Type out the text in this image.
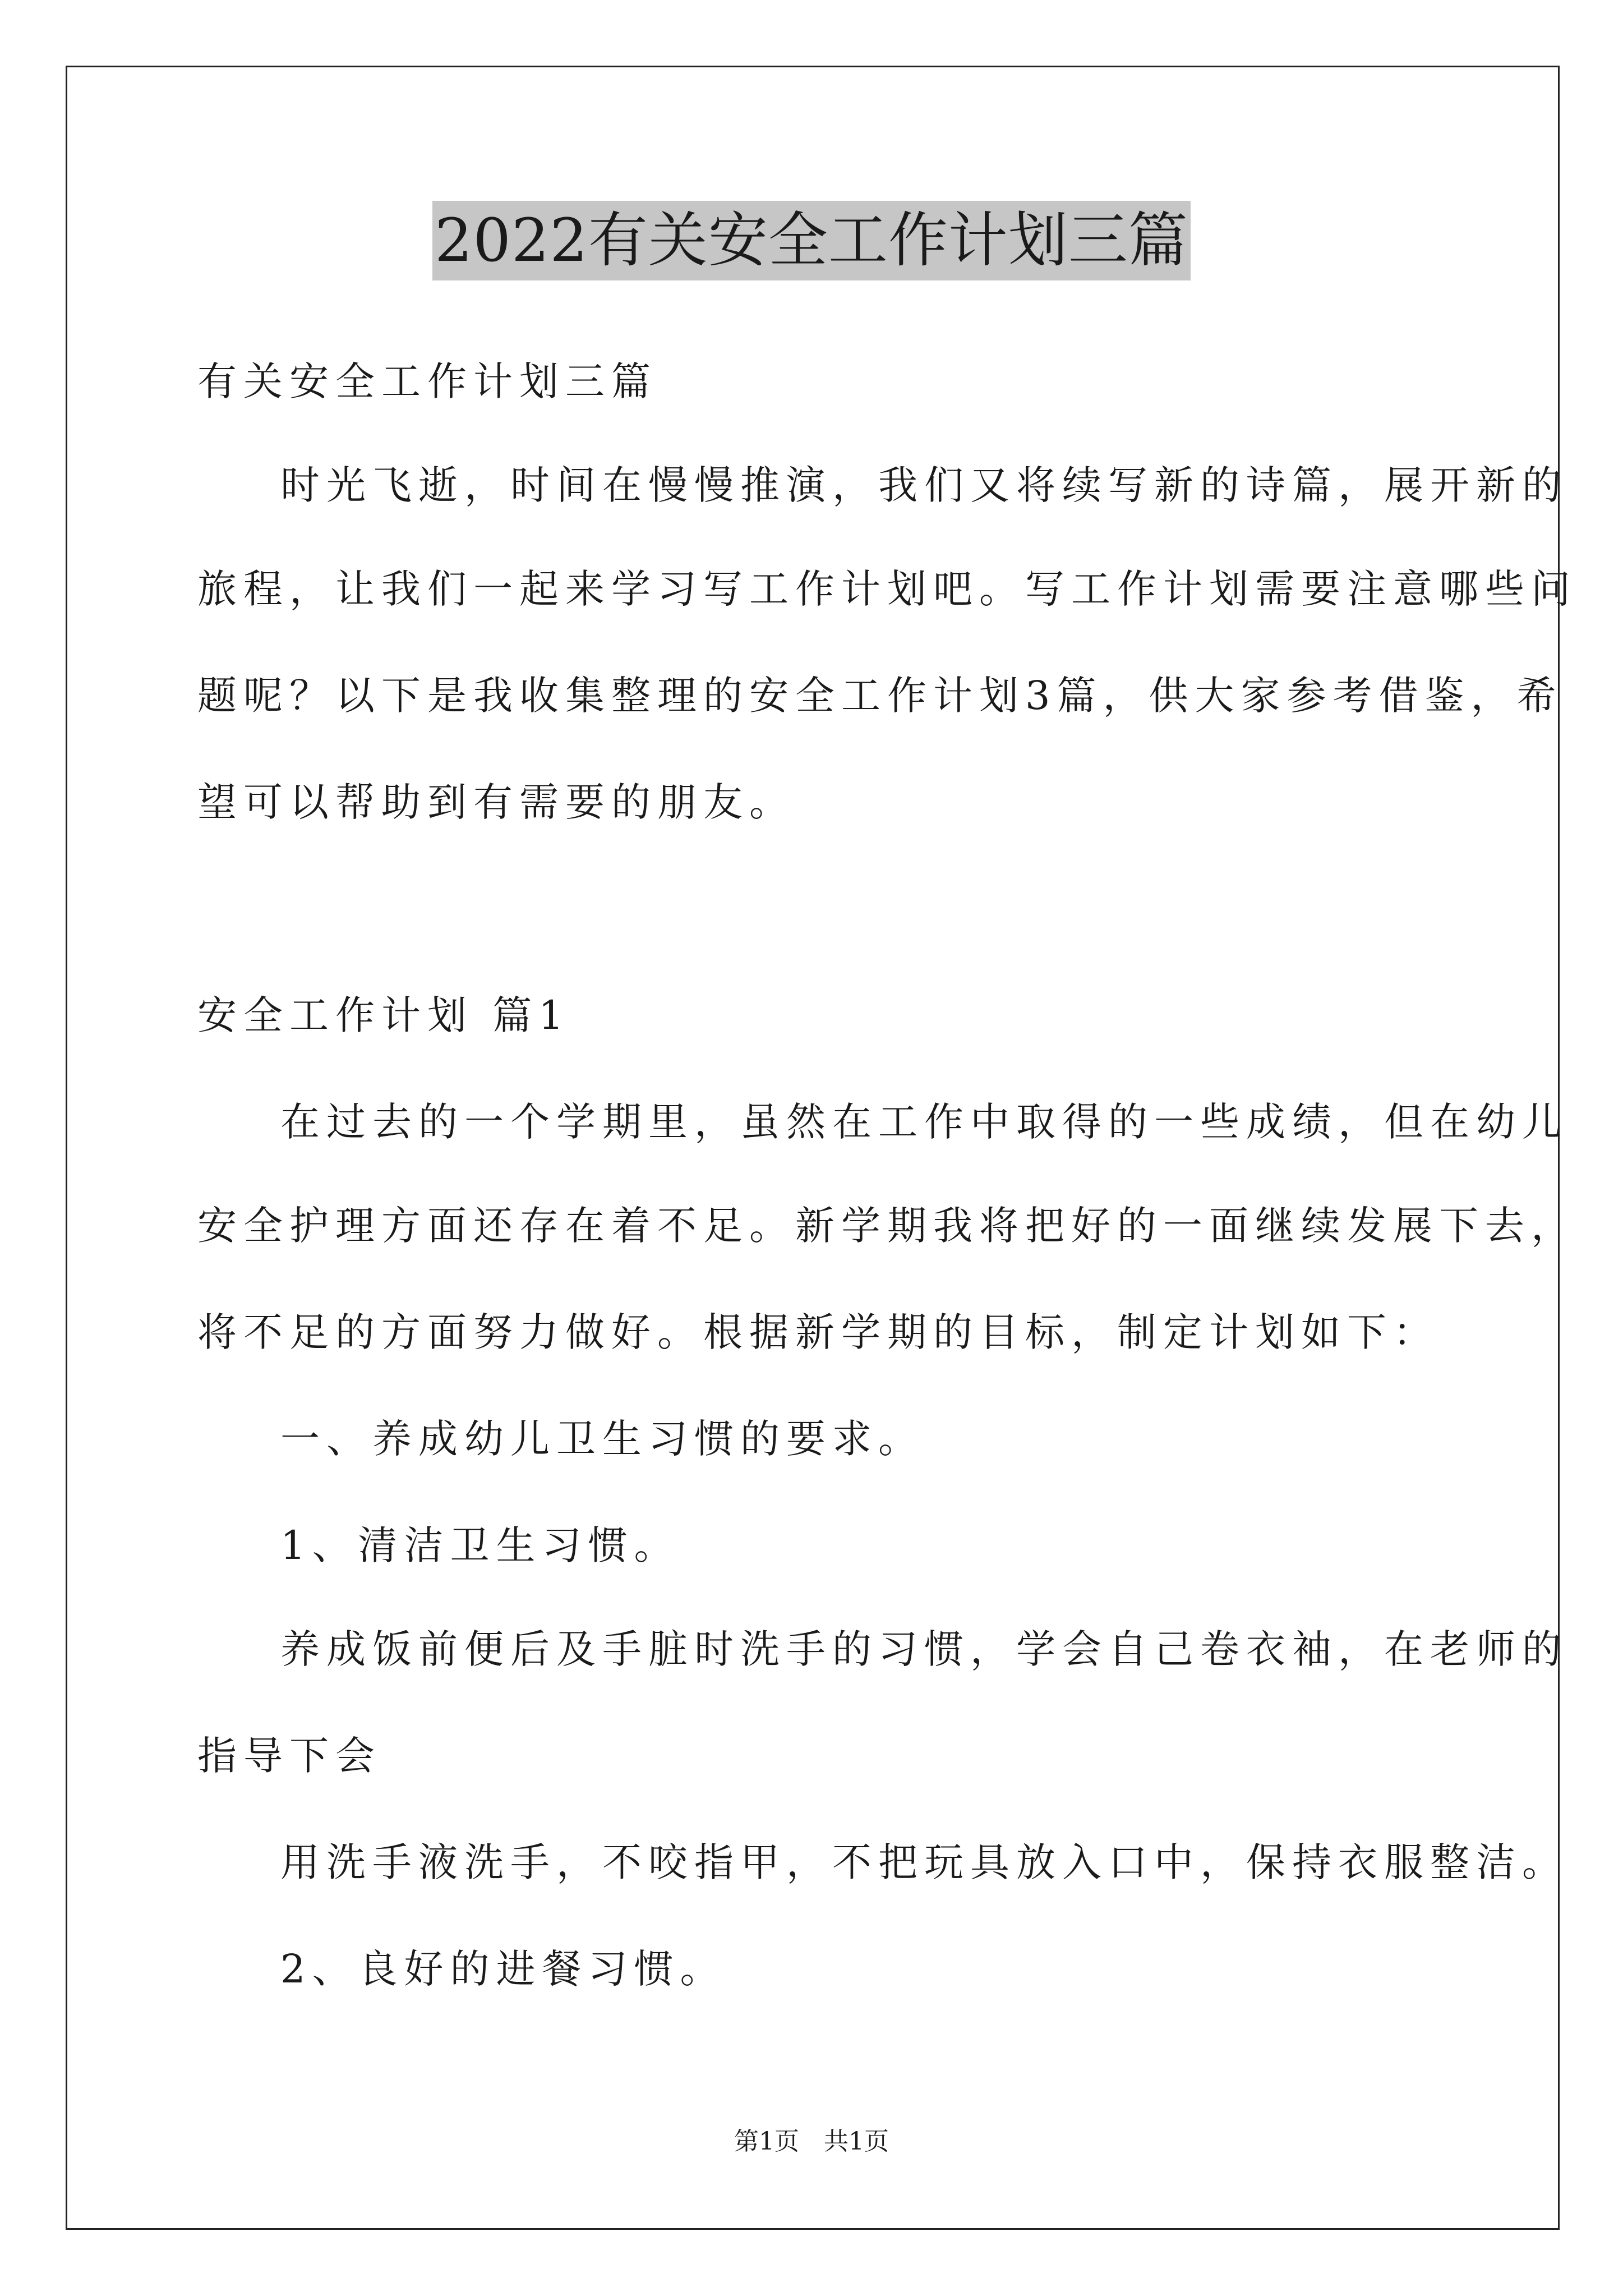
2022有关安全工作计划三篇
有关安全工作计划三篇
时光飞逝，时间在慢慢推演，我们又将续写新的诗篇，展开新的
旅程，让我们一起来学习写工作计划吧。写工作计划需要注意哪些问
题呢？以下是我收集整理的安全工作计划3篇，供大家参考借鉴，希
望可以帮助到有需要的朋友。
安全工作计划 篇1
在过去的一个学期里，虽然在工作中取得的一些成绩，但在幼儿
安全护理方面还存在着不足。新学期我将把好的一面继续发展下去，
将不足的方面努力做好。根据新学期的目标，制定计划如下：
一、养成幼儿卫生习惯的要求。
1、清洁卫生习惯。
养成饭前便后及手脏时洗手的习惯，学会自己卷衣袖，在老师的
指导下会
用洗手液洗手，不咬指甲，不把玩具放入口中，保持衣服整洁。
2、良好的进餐习惯。
第1页　共1页
